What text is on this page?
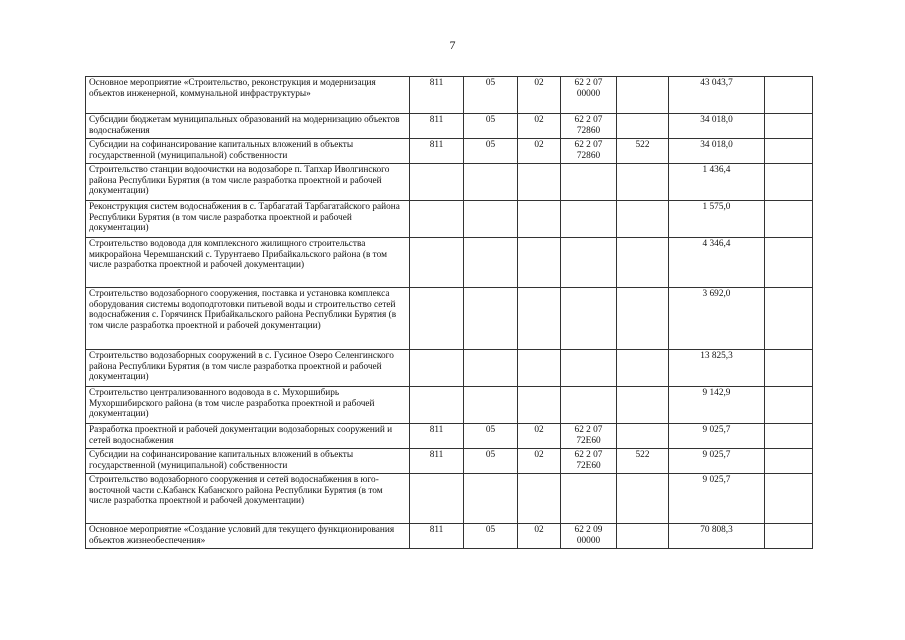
7
Основное мероприятие «Строительство, реконструкция и модернизация объектов инженерной, коммунальной инфраструктуры»	811	05	02	62 2 07 00000		43 043,7	
Субсидии бюджетам муниципальных образований на модернизацию объектов водоснабжения	811	05	02	62 2 07 72860		34 018,0	
Субсидии на софинансирование капитальных вложений в объекты государственной (муниципальной) собственности	811	05	02	62 2 07 72860	522	34 018,0	
Строительство станции водоочистки на водозаборе п. Тапхар Иволгинского района Республики Бурятия (в том числе разработка проектной и рабочей документации)						1 436,4	
Реконструкция систем водоснабжения в с. Тарбагатай Тарбагатайского района Республики Бурятия (в том числе разработка проектной и рабочей документации)						1 575,0	
Строительство водовода для комплексного жилищного строительства микрорайона Черемшанский с. Турунтаево Прибайкальского района (в том числе разработка проектной и рабочей документации)						4 346,4	
Строительство водозаборного сооружения, поставка и установка комплекса оборудования системы водоподготовки питьевой воды и строительство сетей водоснабжения с. Горячинск Прибайкальского района Республики Бурятия (в том числе разработка проектной и рабочей документации)						3 692,0	
Строительство водозаборных сооружений в с. Гусиное Озеро Селенгинского района Республики Бурятия (в том числе разработка проектной и рабочей документации)						13 825,3	
Строительство централизованного водовода в с. Мухоршибирь Мухоршибирского района (в том числе разработка проектной и рабочей документации)						9 142,9	
Разработка проектной и рабочей документации водозаборных сооружений и сетей водоснабжения	811	05	02	62 2 07 72Е60		9 025,7	
Субсидии на софинансирование капитальных вложений в объекты государственной (муниципальной) собственности	811	05	02	62 2 07 72Е60	522	9 025,7	
Строительство водозаборного сооружения и сетей водоснабжения в юго-восточной части с.Кабанск Кабанского района Республики Бурятия (в том числе разработка проектной и рабочей документации)						9 025,7	
Основное мероприятие «Создание условий для текущего функционирования объектов жизнеобеспечения»	811	05	02	62 2 09 00000		70 808,3	
